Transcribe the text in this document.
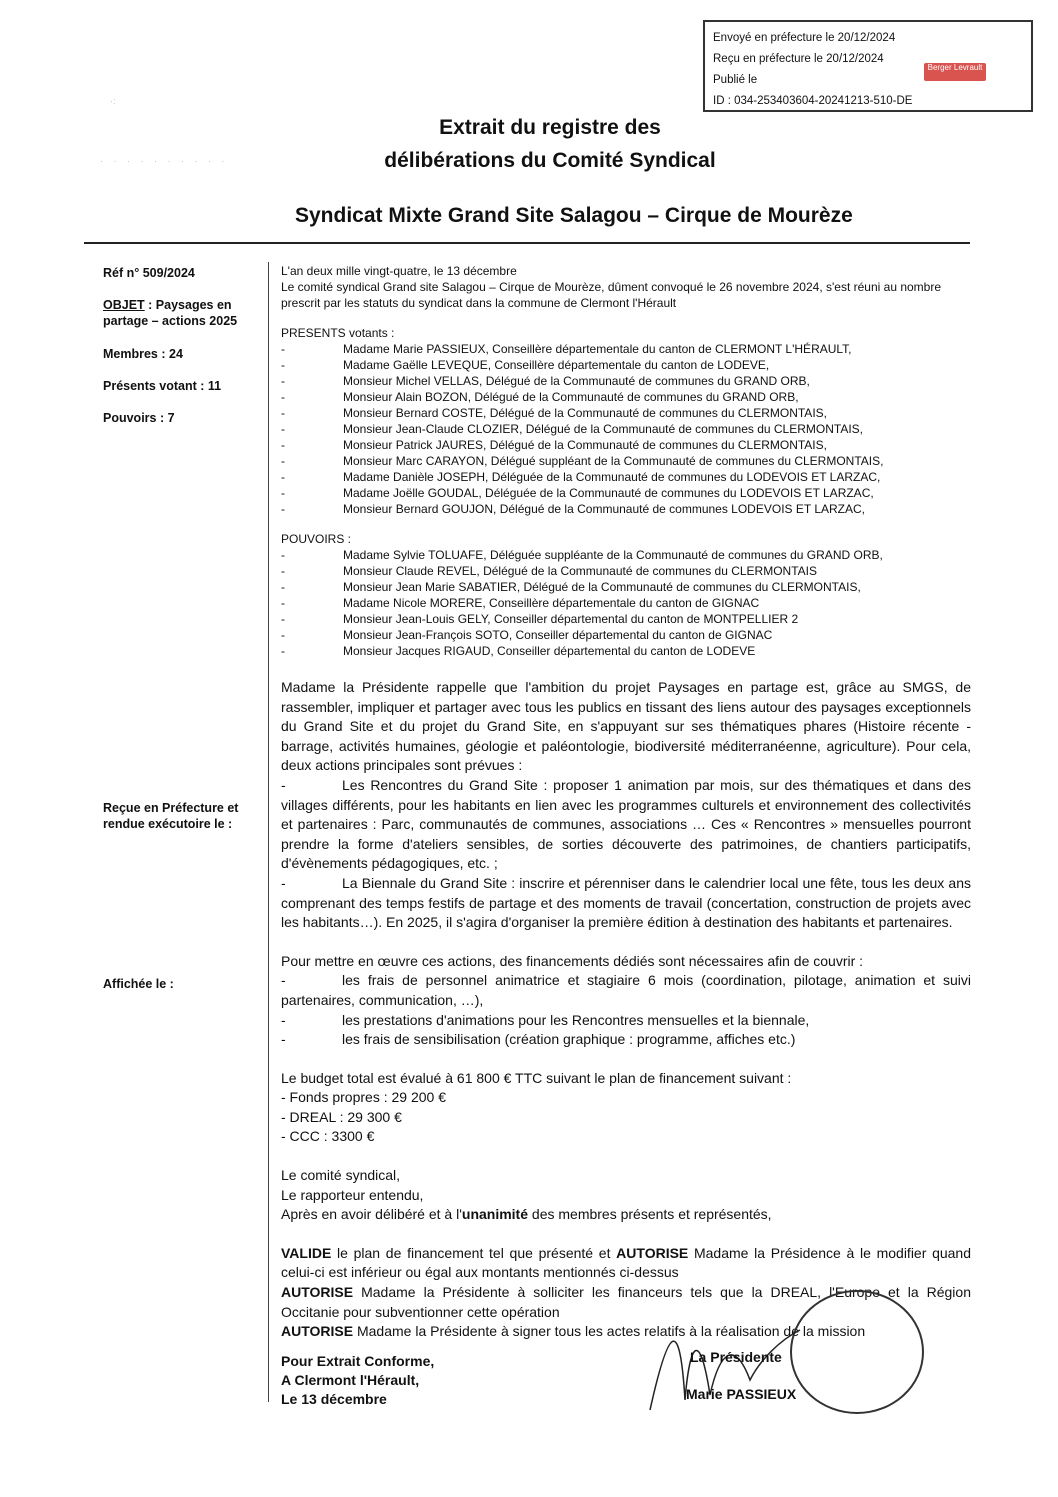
Envoyé en préfecture le 20/12/2024
Reçu en préfecture le 20/12/2024
Publié le
ID : 034-253403604-20241213-510-DE
Berger Levrault
·:
· · · · · · · · · ·
Extrait du registre des
délibérations du Comité Syndical
Syndicat Mixte Grand Site Salagou – Cirque de Mourèze
Réf n° 509/2024
OBJET : Paysages en partage – actions 2025
Membres : 24
Présents votant : 11
Pouvoirs : 7
Reçue en Préfecture et rendue exécutoire le :
Affichée le :

L'an deux mille vingt-quatre, le 13 décembre

Le comité syndical Grand site Salagou – Cirque de Mourèze, dûment convoqué le 26 novembre 2024, s'est réuni au nombre prescrit par les statuts du syndicat dans la commune de Clermont l'Hérault

PRESENTS votants :

-	Madame Marie PASSIEUX, Conseillère départementale du canton de CLERMONT L'HÉRAULT,
-	Madame Gaëlle LEVEQUE, Conseillère départementale du canton de LODEVE,
-	Monsieur Michel VELLAS, Délégué de la Communauté de communes du GRAND ORB,
-	Monsieur Alain BOZON, Délégué de la Communauté de communes du GRAND ORB,
-	Monsieur Bernard COSTE, Délégué de la Communauté de communes du CLERMONTAIS,
-	Monsieur Jean-Claude CLOZIER, Délégué de la Communauté de communes du CLERMONTAIS,
-	Monsieur Patrick JAURES, Délégué de la Communauté de communes du CLERMONTAIS,
-	Monsieur Marc CARAYON, Délégué suppléant de la Communauté de communes du CLERMONTAIS,
-	Madame Danièle JOSEPH, Déléguée de la Communauté de communes du LODEVOIS ET LARZAC,
-	Madame Joëlle GOUDAL, Déléguée de la Communauté de communes du LODEVOIS ET LARZAC,
-	Monsieur Bernard GOUJON, Délégué de la Communauté de communes LODEVOIS ET LARZAC,

POUVOIRS :

-	Madame Sylvie TOLUAFE, Déléguée suppléante de la Communauté de communes du GRAND ORB,
-	Monsieur Claude REVEL, Délégué de la Communauté de communes du CLERMONTAIS
-	Monsieur Jean Marie SABATIER, Délégué de la Communauté de communes du CLERMONTAIS,
-	Madame Nicole MORERE, Conseillère départementale du canton de GIGNAC
-	Monsieur Jean-Louis GELY, Conseiller départemental du canton de MONTPELLIER 2
-	Monsieur Jean-François SOTO, Conseiller départemental du canton de GIGNAC
-	Monsieur Jacques RIGAUD, Conseiller départemental du canton de LODEVE

Madame la Présidente rappelle que l'ambition du projet Paysages en partage est, grâce au SMGS, de rassembler, impliquer et partager avec tous les publics en tissant des liens autour des paysages exceptionnels du Grand Site et du projet du Grand Site, en s'appuyant sur ses thématiques phares (Histoire récente - barrage, activités humaines, géologie et paléontologie, biodiversité méditerranéenne, agriculture). Pour cela, deux actions principales sont prévues :

-	Les Rencontres du Grand Site : proposer 1 animation par mois, sur des thématiques et dans des villages différents, pour les habitants en lien avec les programmes culturels et environnement des collectivités et partenaires : Parc, communautés de communes, associations … Ces « Rencontres » mensuelles pourront prendre la forme d'ateliers sensibles, de sorties découverte des patrimoines, de chantiers participatifs, d'évènements pédagogiques, etc. ;

-	La Biennale du Grand Site : inscrire et pérenniser dans le calendrier local une fête, tous les deux ans comprenant des temps festifs de partage et des moments de travail (concertation, construction de projets avec les habitants…). En 2025, il s'agira d'organiser la première édition à destination des habitants et partenaires.

Pour mettre en œuvre ces actions, des financements dédiés sont nécessaires afin de couvrir :

-	les frais de personnel animatrice et stagiaire 6 mois (coordination, pilotage, animation et suivi partenaires, communication, …),

-	les prestations d'animations pour les Rencontres mensuelles et la biennale,

-	les frais de sensibilisation (création graphique : programme, affiches etc.)

Le budget total est évalué à 61 800 € TTC suivant le plan de financement suivant :

- Fonds propres : 29 200 €

- DREAL : 29 300 €

- CCC : 3300 €

Le comité syndical,

Le rapporteur entendu,

Après en avoir délibéré et à l'unanimité des membres présents et représentés,

VALIDE le plan de financement tel que présenté et AUTORISE Madame la Présidence à le modifier quand celui-ci est inférieur ou égal aux montants mentionnés ci-dessus

AUTORISE Madame la Présidente à solliciter les financeurs tels que la DREAL, l'Europe et la Région Occitanie pour subventionner cette opération

AUTORISE Madame la Présidente à signer tous les actes relatifs à la réalisation de la mission

Pour Extrait Conforme,
A Clermont l'Hérault,
Le 13 décembre
La Présidente
Marie PASSIEUX
